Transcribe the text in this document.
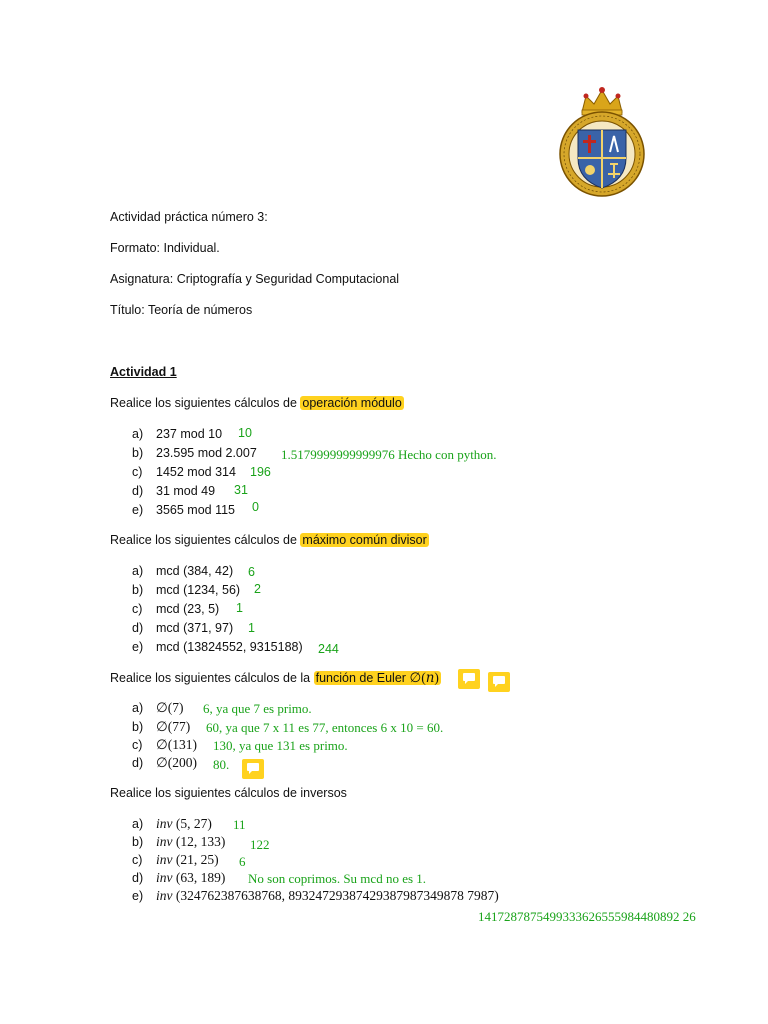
Actividad práctica número 3:
Formato: Individual.
Asignatura: Criptografía y Seguridad Computacional
Título: Teoría de números
Actividad 1
Realice los siguientes cálculos de operación módulo
a) 237 mod 10 10
b) 23.595 mod 2.007 1.5179999999999976 Hecho con python.
c) 1452 mod 314 196
d) 31 mod 49 31
e) 3565 mod 115 0
Realice los siguientes cálculos de máximo común divisor
a) mcd (384, 42) 6
b) mcd (1234, 56) 2
c) mcd (23, 5) 1
d) mcd (371, 97) 1
e) mcd (13824552, 9315188) 244
Realice los siguientes cálculos de la función de Euler ∅(𝑛)
a) ∅(7) 6, ya que 7 es primo.
b) ∅(77) 60, ya que 7 x 11 es 77, entonces 6 x 10 = 60.
c) ∅(131) 130, ya que 131 es primo.
d) ∅(200) 80.
Realice los siguientes cálculos de inversos
a) inv (5, 27) 11
b) inv (12, 133) 122
c) inv (21, 25) 6
d) inv (63, 189) No son coprimos. Su mcd no es 1.
e) inv (324762387638768, 89324729387429387987349878 7987)
1417287875499333626555984480892 26
